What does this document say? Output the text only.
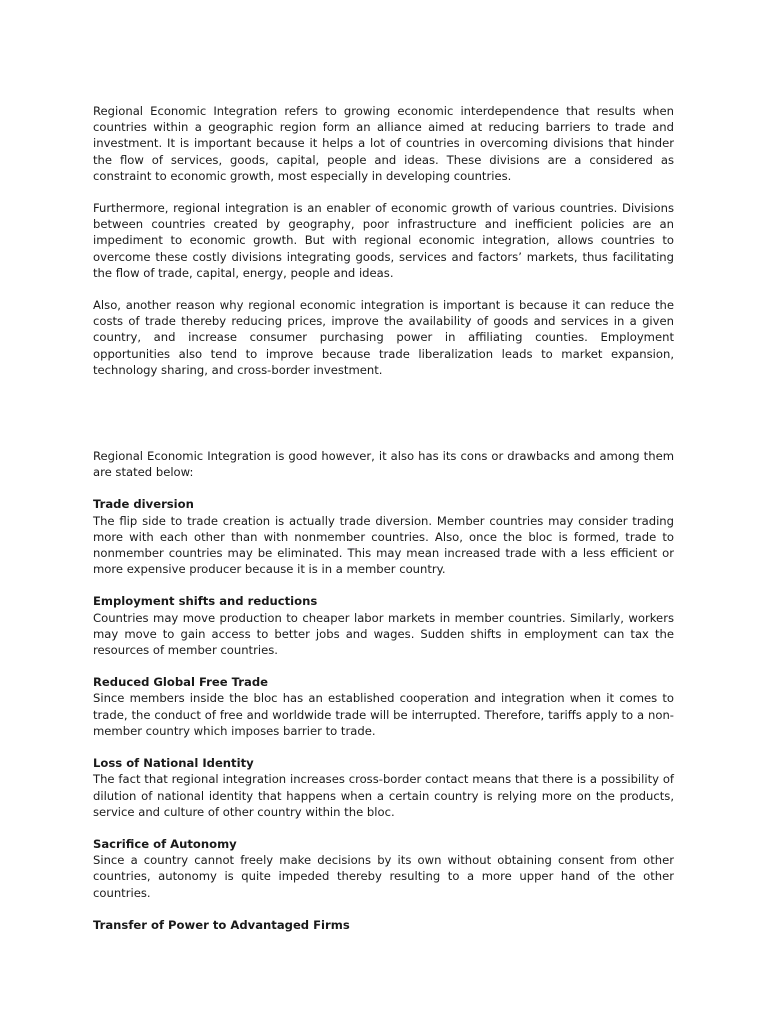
Regional Economic Integration refers to growing economic interdependence that results when countries within a geographic region form an alliance aimed at reducing barriers to trade and investment. It is important because it helps a lot of countries in overcoming divisions that hinder the flow of services, goods, capital, people and ideas. These divisions are a considered as constraint to economic growth, most especially in developing countries.

Furthermore, regional integration is an enabler of economic growth of various countries. Divisions between countries created by geography, poor infrastructure and inefficient policies are an impediment to economic growth. But with regional economic integration, allows countries to overcome these costly divisions integrating goods, services and factors’ markets, thus facilitating the flow of trade, capital, energy, people and ideas.

Also, another reason why regional economic integration is important is because it can reduce the costs of trade thereby reducing prices, improve the availability of goods and services in a given country, and increase consumer purchasing power in affiliating counties. Employment opportunities also tend to improve because trade liberalization leads to market expansion, technology sharing, and cross-border investment.

Regional Economic Integration is good however, it also has its cons or drawbacks and among them are stated below:

Trade diversion

The flip side to trade creation is actually trade diversion. Member countries may consider trading more with each other than with nonmember countries. Also, once the bloc is formed, trade to nonmember countries may be eliminated. This may mean increased trade with a less efficient or more expensive producer because it is in a member country.

Employment shifts and reductions

Countries may move production to cheaper labor markets in member countries. Similarly, workers may move to gain access to better jobs and wages. Sudden shifts in employment can tax the resources of member countries.

Reduced Global Free Trade

Since members inside the bloc has an established cooperation and integration when it comes to trade, the conduct of free and worldwide trade will be interrupted. Therefore, tariffs apply to a non-member country which imposes barrier to trade.

Loss of National Identity

The fact that regional integration increases cross-border contact means that there is a possibility of dilution of national identity that happens when a certain country is relying more on the products, service and culture of other country within the bloc.

Sacrifice of Autonomy

Since a country cannot freely make decisions by its own without obtaining consent from other countries, autonomy is quite impeded thereby resulting to a more upper hand of the other countries.

Transfer of Power to Advantaged Firms
